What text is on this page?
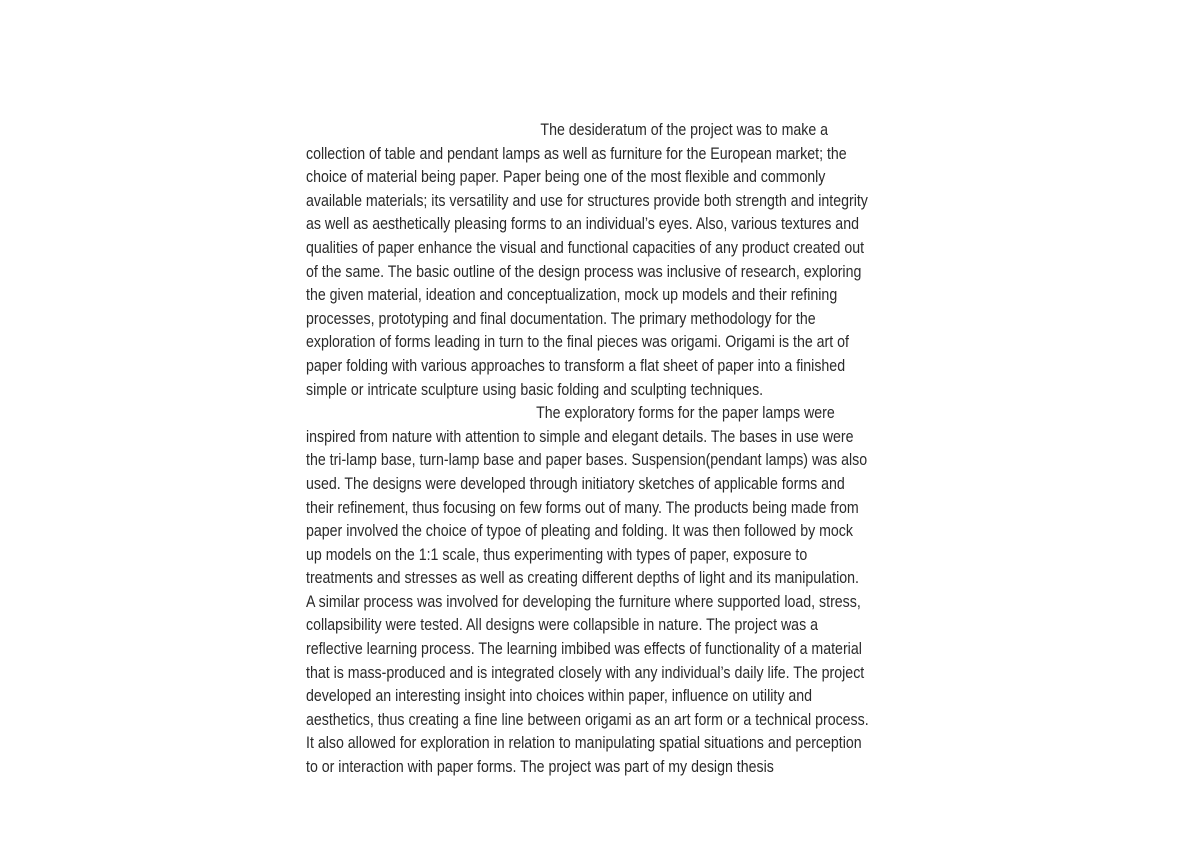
The desideratum of the project was to make a
collection of table and pendant lamps as well as furniture for the European market; the
choice of material being paper. Paper being one of the most flexible and commonly
available materials; its versatility and use for structures provide both strength and integrity
as well as aesthetically pleasing forms to an individual’s eyes. Also, various textures and
qualities of paper enhance the visual and functional capacities of any product created out
of the same. The basic outline of the design process was inclusive of research, exploring
the given material, ideation and conceptualization, mock up models and their refining
processes, prototyping and final documentation. The primary methodology for the
exploration of forms leading in turn to the final pieces was origami. Origami is the art of
paper folding with various approaches to transform a flat sheet of paper into a finished
simple or intricate sculpture using basic folding and sculpting techniques.
The exploratory forms for the paper lamps were
inspired from nature with attention to simple and elegant details. The bases in use were
the tri-lamp base, turn-lamp base and paper bases. Suspension(pendant lamps) was also
used. The designs were developed through initiatory sketches of applicable forms and
their refinement, thus focusing on few forms out of many. The products being made from
paper involved the choice of typoe of pleating and folding. It was then followed by mock
up models on the 1:1 scale, thus experimenting with types of paper, exposure to
treatments and stresses as well as creating different depths of light and its manipulation.
A similar process was involved for developing the furniture where supported load, stress,
collapsibility were tested. All designs were collapsible in nature. The project was a
reflective learning process. The learning imbibed was effects of functionality of a material
that is mass-produced and is integrated closely with any individual’s daily life. The project
developed an interesting insight into choices within paper, influence on utility and
aesthetics, thus creating a fine line between origami as an art form or a technical process.
It also allowed for exploration in relation to manipulating spatial situations and perception
to or interaction with paper forms. The project was part of my design thesis
